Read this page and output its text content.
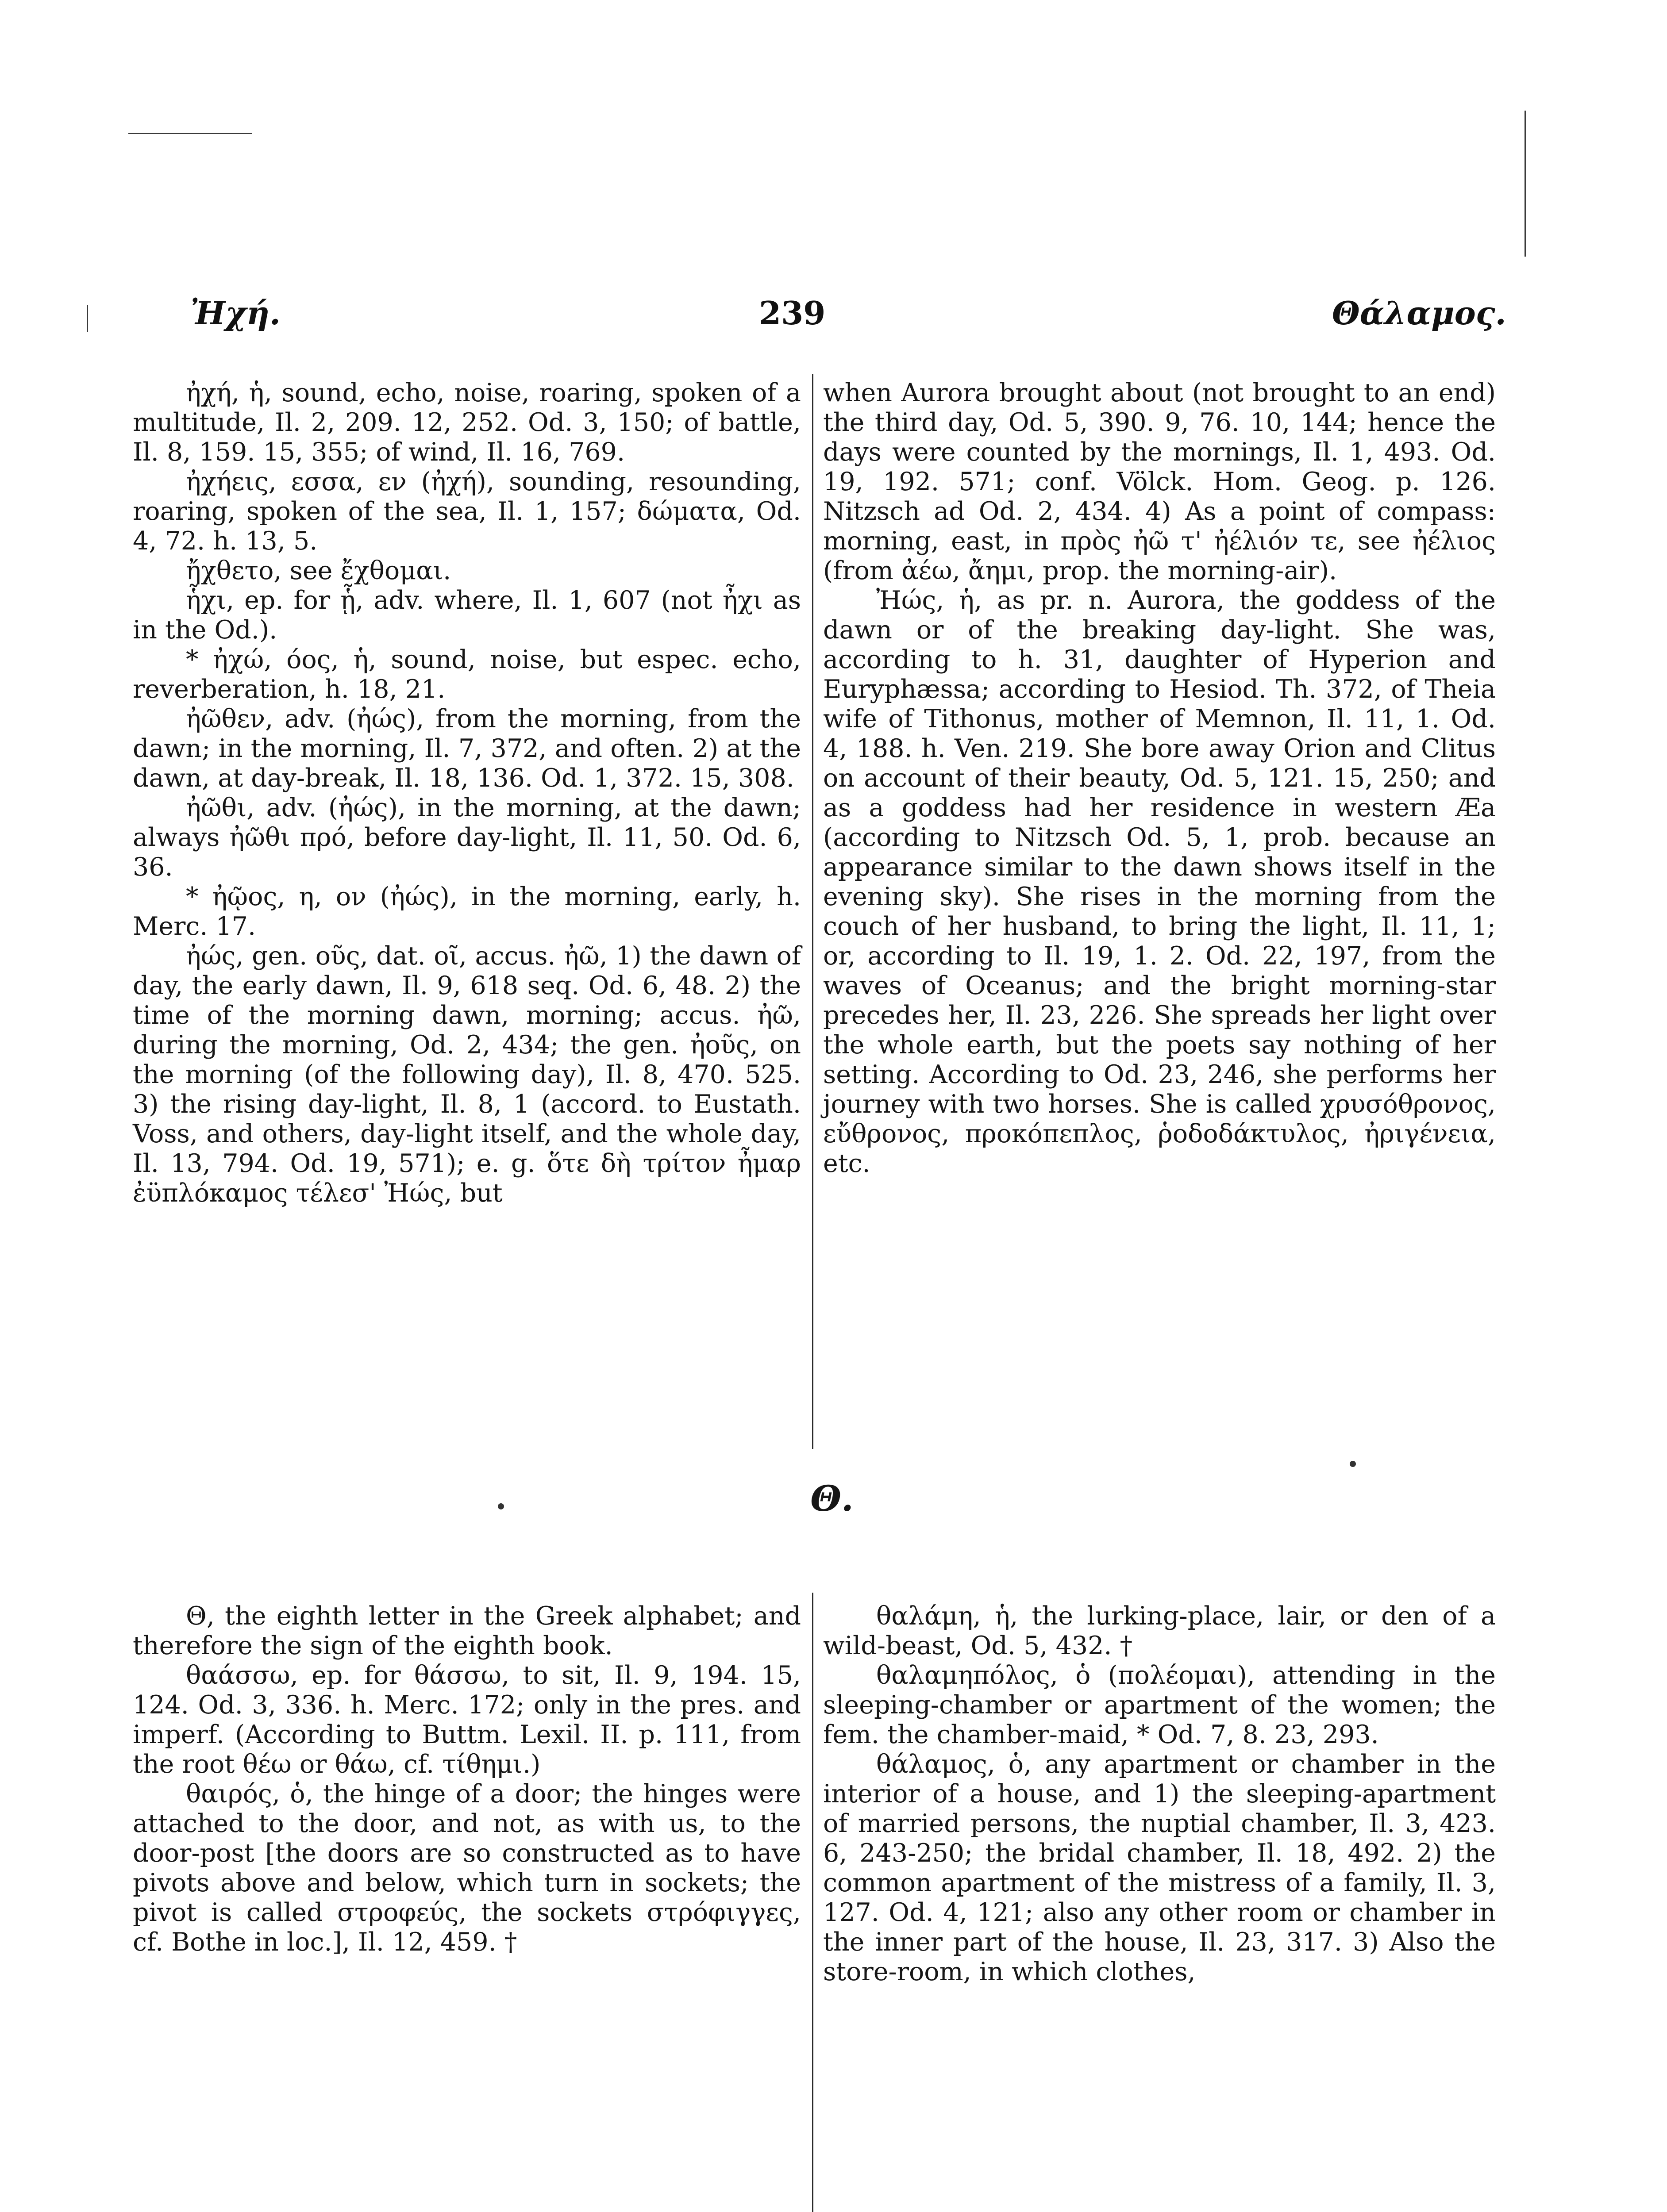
Ἠχή.	239	Θάλαμος.

ἠχή, ἡ, sound, echo, noise, roaring, spoken of a multitude, Il. 2, 209. 12, 252. Od. 3, 150; of battle, Il. 8, 159. 15, 355; of wind, Il. 16, 769.

ἠχήεις, εσσα, εν (ἠχή), sounding, resounding, roaring, spoken of the sea, Il. 1, 157; δώματα, Od. 4, 72. h. 13, 5.

ἤχθετο, see ἔχθομαι.

ἧχι, ep. for ᾗ, adv. where, Il. 1, 607 (not ἦχι as in the Od.).

* ἠχώ, όος, ἡ, sound, noise, but espec. echo, reverberation, h. 18, 21.

ἠῶθεν, adv. (ἠώς), from the morning, from the dawn; in the morning, Il. 7, 372, and often. 2) at the dawn, at day-break, Il. 18, 136. Od. 1, 372. 15, 308.

ἠῶθι, adv. (ἠώς), in the morning, at the dawn; always ἠῶθι πρό, before day-light, Il. 11, 50. Od. 6, 36.

* ἠῷος, η, ον (ἠώς), in the morning, early, h. Merc. 17.

ἠώς, gen. οῦς, dat. οῖ, accus. ἠῶ, 1) the dawn of day, the early dawn, Il. 9, 618 seq. Od. 6, 48. 2) the time of the morning dawn, morning; accus. ἠῶ, during the morning, Od. 2, 434; the gen. ἠοῦς, on the morning (of the following day), Il. 8, 470. 525. 3) the rising day-light, Il. 8, 1 (accord. to Eustath. Voss, and others, day-light itself, and the whole day, Il. 13, 794. Od. 19, 571); e. g. ὅτε δὴ τρίτον ἦμαρ ἐϋπλόκαμος τέλεσ' Ἠώς, but

when Aurora brought about (not brought to an end) the third day, Od. 5, 390. 9, 76. 10, 144; hence the days were counted by the mornings, Il. 1, 493. Od. 19, 192. 571; conf. Völck. Hom. Geog. p. 126. Nitzsch ad Od. 2, 434. 4) As a point of compass: morning, east, in πρὸς ἠῶ τ' ἠέλιόν τε, see ἠέλιος (from ἀέω, ἄημι, prop. the morning-air).

Ἠώς, ἡ, as pr. n. Aurora, the goddess of the dawn or of the breaking day-light. She was, according to h. 31, daughter of Hyperion and Euryphæssa; according to Hesiod. Th. 372, of Theia wife of Tithonus, mother of Memnon, Il. 11, 1. Od. 4, 188. h. Ven. 219. She bore away Orion and Clitus on account of their beauty, Od. 5, 121. 15, 250; and as a goddess had her residence in western Æa (according to Nitzsch Od. 5, 1, prob. because an appearance similar to the dawn shows itself in the evening sky). She rises in the morning from the couch of her husband, to bring the light, Il. 11, 1; or, according to Il. 19, 1. 2. Od. 22, 197, from the waves of Oceanus; and the bright morning-star precedes her, Il. 23, 226. She spreads her light over the whole earth, but the poets say nothing of her setting. According to Od. 23, 246, she performs her journey with two horses. She is called χρυσόθρονος, εὔθρονος, προκόπεπλος, ῥοδοδάκτυλος, ἠριγένεια, etc.

Θ.

Θ, the eighth letter in the Greek alphabet; and therefore the sign of the eighth book.

θαάσσω, ep. for θάσσω, to sit, Il. 9, 194. 15, 124. Od. 3, 336. h. Merc. 172; only in the pres. and imperf. (According to Buttm. Lexil. II. p. 111, from the root θέω or θάω, cf. τίθημι.)

θαιρός, ὁ, the hinge of a door; the hinges were attached to the door, and not, as with us, to the door-post [the doors are so constructed as to have pivots above and below, which turn in sockets; the pivot is called στροφεύς, the sockets στρόφιγγες, cf. Bothe in loc.], Il. 12, 459. †

θαλάμη, ἡ, the lurking-place, lair, or den of a wild-beast, Od. 5, 432. †

θαλαμηπόλος, ὁ (πολέομαι), attending in the sleeping-chamber or apartment of the women; the fem. the chamber-maid, * Od. 7, 8. 23, 293.

θάλαμος, ὁ, any apartment or chamber in the interior of a house, and 1) the sleeping-apartment of married persons, the nuptial chamber, Il. 3, 423. 6, 243-250; the bridal chamber, Il. 18, 492. 2) the common apartment of the mistress of a family, Il. 3, 127. Od. 4, 121; also any other room or chamber in the inner part of the house, Il. 23, 317. 3) Also the store-room, in which clothes,
